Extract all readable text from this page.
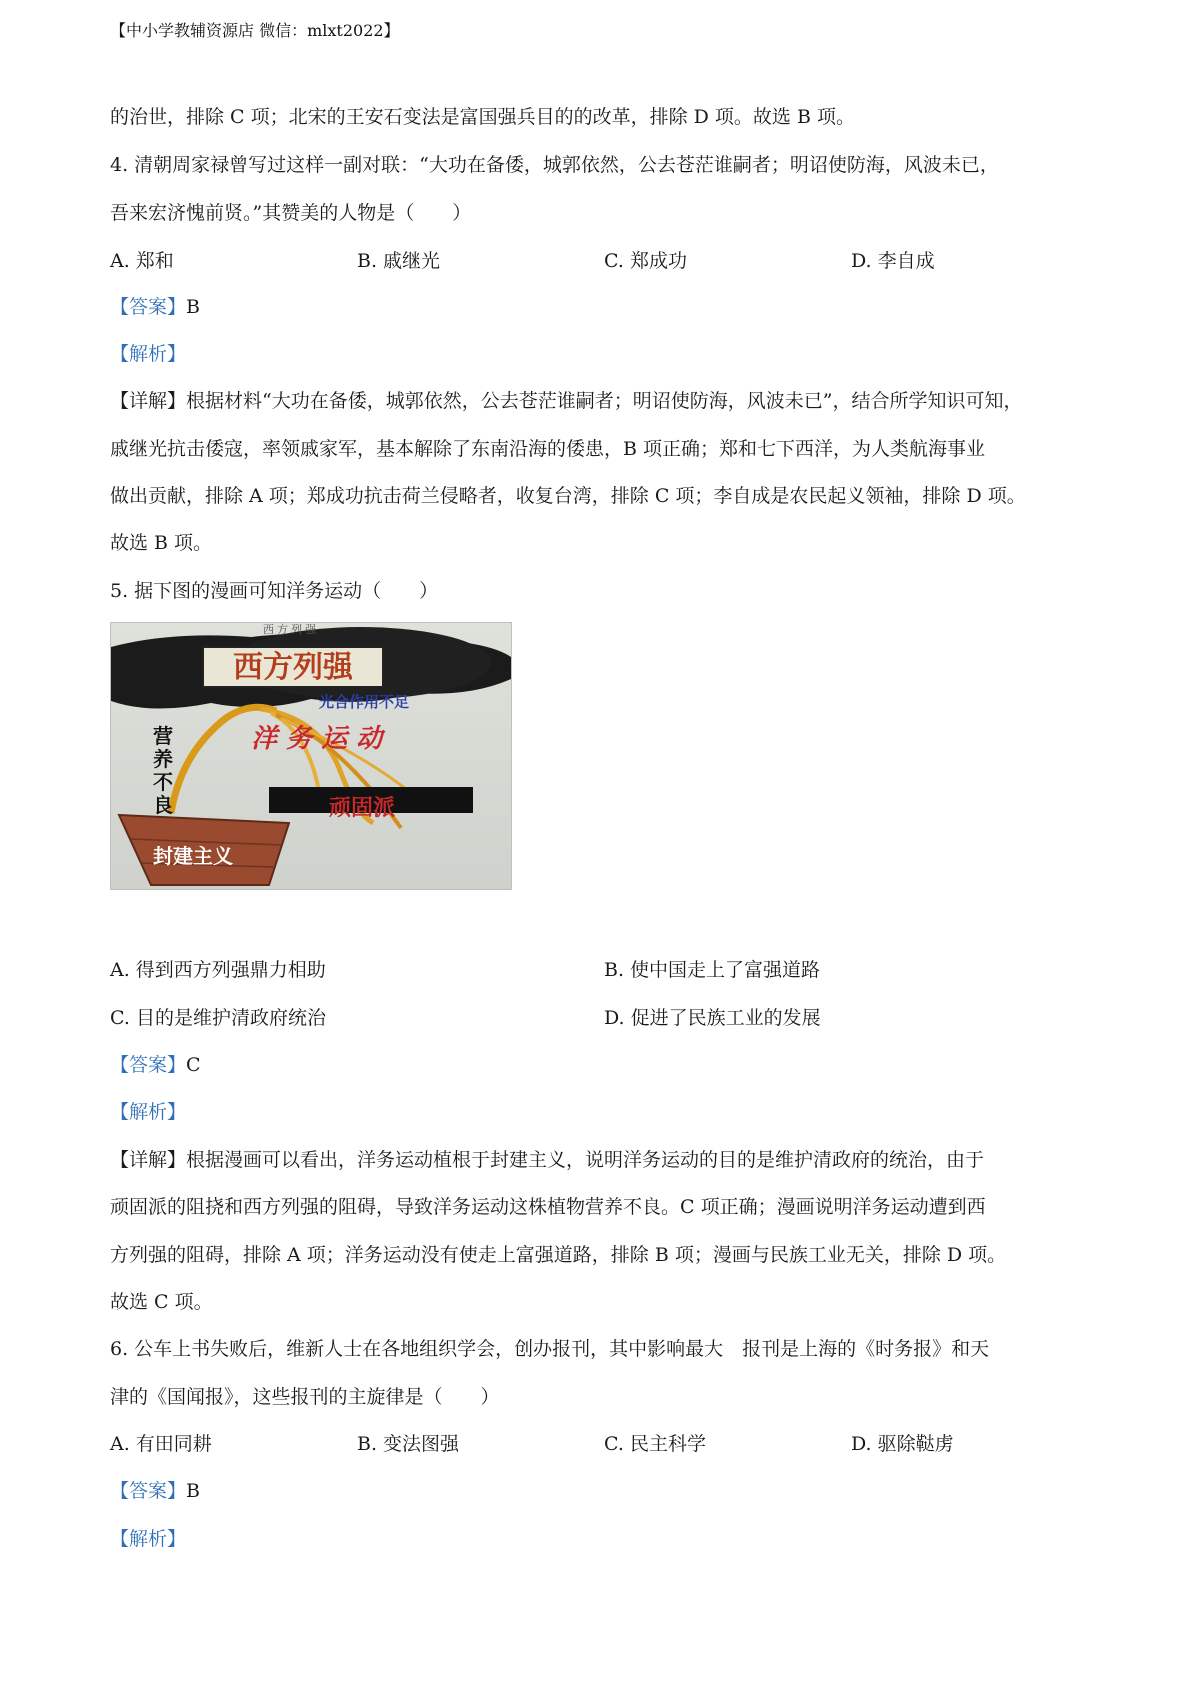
【中小学教辅资源店 微信：mlxt2022】
的治世，排除 C 项；北宋的王安石变法是富国强兵目的的改革，排除 D 项。故选 B 项。
4. 清朝周家禄曾写过这样一副对联：“大功在备倭，城郭依然，公去苍茫谁嗣者；明诏使防海，风波未已，
吾来宏济愧前贤。”其赞美的人物是（　　）
A. 郑和	B. 戚继光	C. 郑成功	D. 李自成
【答案】B
【解析】
【详解】根据材料“大功在备倭，城郭依然，公去苍茫谁嗣者；明诏使防海，风波未已”，结合所学知识可知，
戚继光抗击倭寇，率领戚家军，基本解除了东南沿海的倭患，B 项正确；郑和七下西洋，为人类航海事业
做出贡献，排除 A 项；郑成功抗击荷兰侵略者，收复台湾，排除 C 项；李自成是农民起义领袖，排除 D 项。
故选 B 项。
5. 据下图的漫画可知洋务运动（　　）
西 方 列 强
西方列强
光合作用不足
洋 务 运 动
营
养
不
良	顽固派
封建主义
A. 得到西方列强鼎力相助	B. 使中国走上了富强道路
C. 目的是维护清政府统治	D. 促进了民族工业的发展
【答案】C
【解析】
【详解】根据漫画可以看出，洋务运动植根于封建主义，说明洋务运动的目的是维护清政府的统治，由于
顽固派的阻挠和西方列强的阻碍，导致洋务运动这株植物营养不良。C 项正确；漫画说明洋务运动遭到西
方列强的阻碍，排除 A 项；洋务运动没有使走上富强道路，排除 B 项；漫画与民族工业无关，排除 D 项。
故选 C 项。
6. 公车上书失败后，维新人士在各地组织学会，创办报刊，其中影响最大　报刊是上海的《时务报》和天
津的《国闻报》，这些报刊的主旋律是（　　）
A. 有田同耕	B. 变法图强	C. 民主科学	D. 驱除鞑虏
【答案】B
【解析】
